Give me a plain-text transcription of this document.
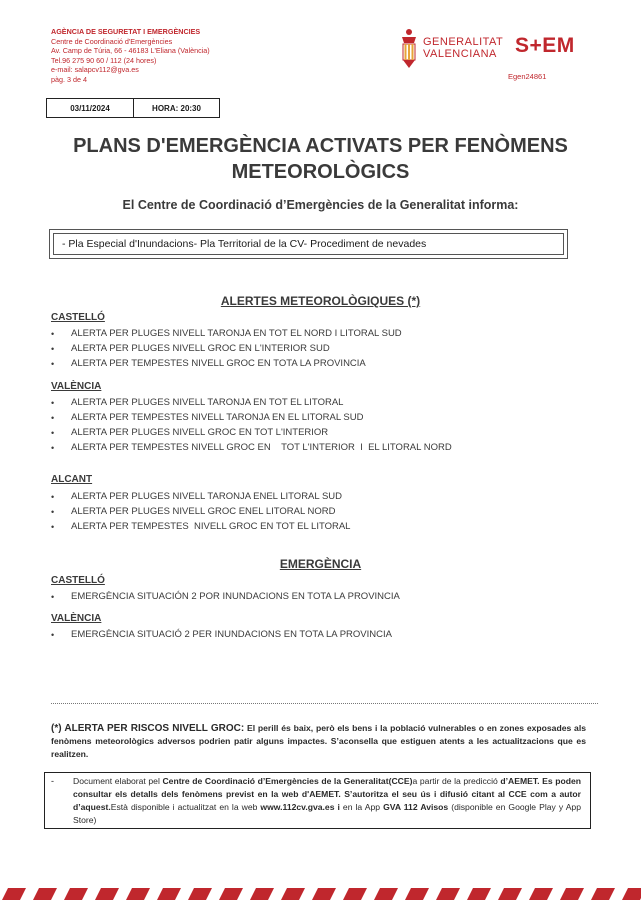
AGÈNCIA DE SEGURETAT I EMERGÈNCIES
Centre de Coordinació d'Emergències
Av. Camp de Túria, 66 - 46183 L'Eliana (València)
Tel.96 275 90 60 / 112 (24 hores)
e-mail: salapcv112@gva.es
pàg. 3 de 4
GENERALITAT
VALENCIANA S+EM
Egen24861
03/11/2024	HORA: 20:30
PLANS D'EMERGÈNCIA ACTIVATS PER FENÒMENS
METEOROLÒGICS
El Centre de Coordinació d’Emergències de la Generalitat informa:
- Pla Especial d'Inundacions- Pla Territorial de la CV- Procediment de nevades
ALERTES METEOROLÒGIQUES (*)
CASTELLÓ
•	ALERTA PER PLUGES NIVELL TARONJA EN TOT EL NORD I LITORAL SUD
•	ALERTA PER PLUGES NIVELL GROC EN L'INTERIOR SUD
•	ALERTA PER TEMPESTES NIVELL GROC EN TOTA LA PROVINCIA
VALÈNCIA
•	ALERTA PER PLUGES NIVELL TARONJA EN TOT EL LITORAL
•	ALERTA PER TEMPESTES NIVELL TARONJA EN EL LITORAL SUD
•	ALERTA PER PLUGES NIVELL GROC EN TOT L'INTERIOR
•	ALERTA PER TEMPESTES NIVELL GROC EN    TOT L'INTERIOR  I  EL LITORAL NORD
ALCANT
•	ALERTA PER PLUGES NIVELL TARONJA ENEL LITORAL SUD
•	ALERTA PER PLUGES NIVELL GROC ENEL LITORAL NORD
•	ALERTA PER TEMPESTES  NIVELL GROC EN TOT EL LITORAL
EMERGÈNCIA
CASTELLÓ
•	EMERGÈNCIA SITUACIÓN 2 POR INUNDACIONS EN TOTA LA PROVINCIA
VALÈNCIA
•	EMERGÈNCIA SITUACIÓ 2 PER INUNDACIONS EN TOTA LA PROVINCIA
(*) ALERTA PER RISCOS NIVELL GROC: El perill és baix, però els bens i la població vulnerables o en zones exposades als fenòmens meteorològics adversos podrien patir alguns impactes. S’aconsella que estiguen atents a les actualitzacions que es realitzen.
- Document elaborat pel Centre de Coordinació d’Emergències de la Generalitat(CCE)a partir de la predicció d’AEMET. Es poden consultar els detalls dels fenòmens previst en la web d'AEMET. S’autoritza el seu ús i difusió citant al CCE com a autor d’aquest.Està disponible i actualitzat en la web www.112cv.gva.es i en la App GVA 112 Avisos (disponible en Google Play y App Store)
